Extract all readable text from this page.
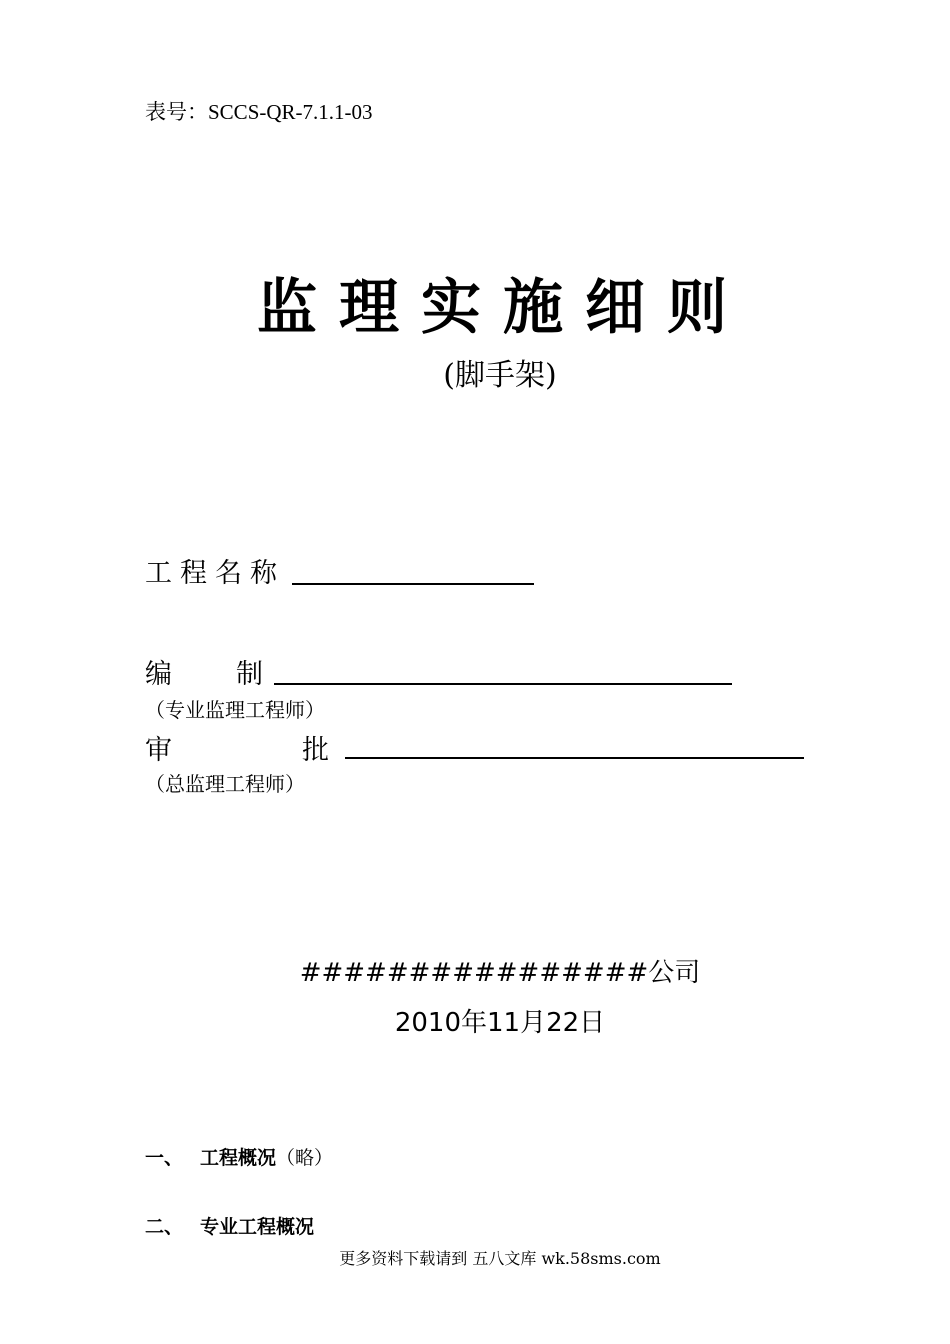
表号：SCCS-QR-7.1.1-03
监理实施细则
(脚手架)
工程名称
编 制
（专业监理工程师）
审	批
（总监理工程师）
################公司
2010年11月22日
一、 工程概况（略）
二、 专业工程概况
更多资料下载请到 五八文库 wk.58sms.com
